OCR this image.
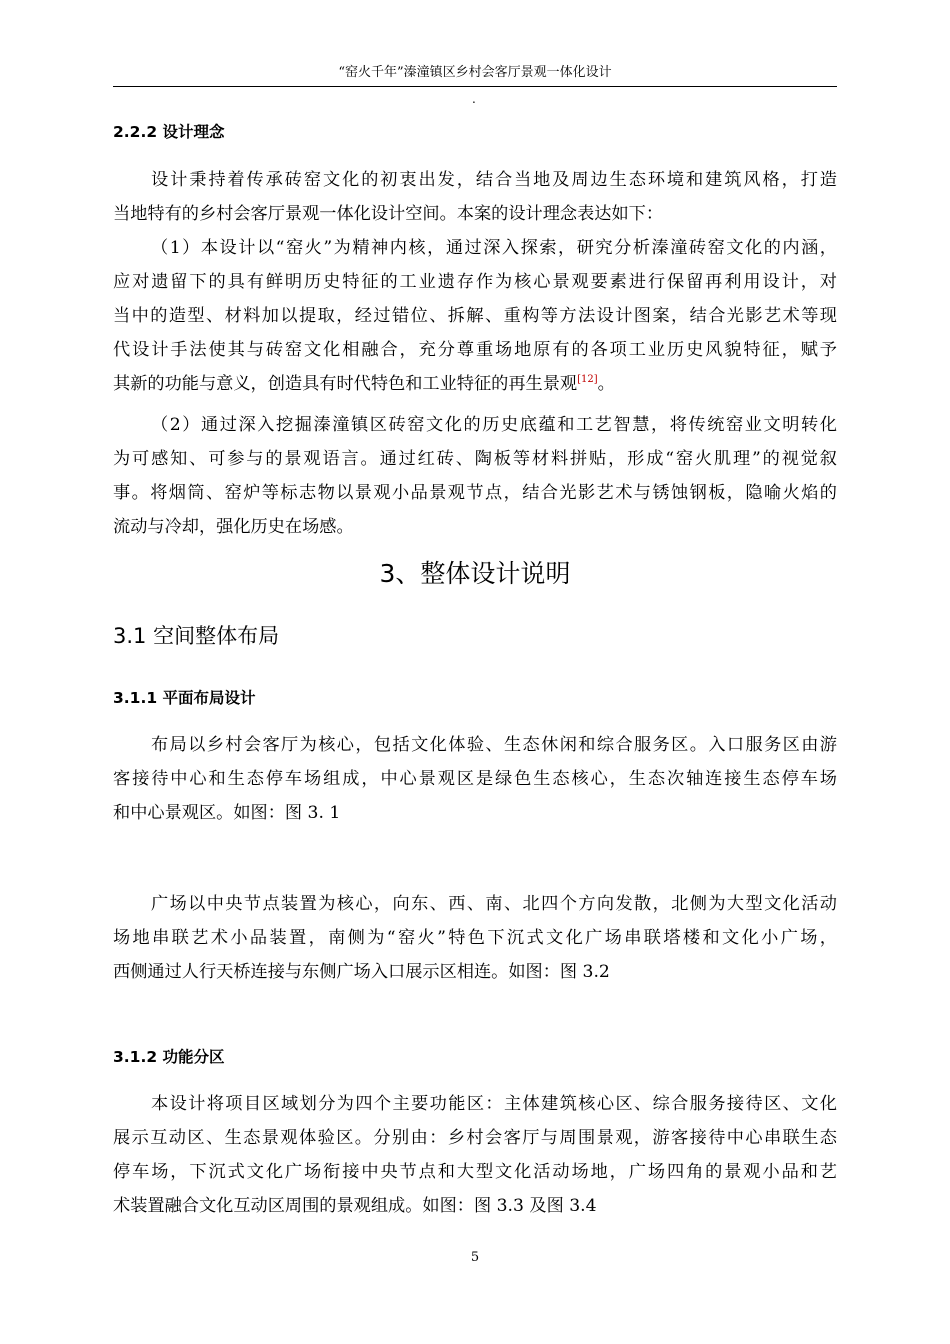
“窑火千年”溱潼镇区乡村会客厅景观一体化设计
.
2.2.2 设计理念
设计秉持着传承砖窑文化的初衷出发，结合当地及周边生态环境和建筑风格，打造
当地特有的乡村会客厅景观一体化设计空间。本案的设计理念表达如下：
（1）本设计以“窑火”为精神内核，通过深入探索，研究分析溱潼砖窑文化的内涵，
应对遗留下的具有鲜明历史特征的工业遗存作为核心景观要素进行保留再利用设计，对
当中的造型、材料加以提取，经过错位、拆解、重构等方法设计图案，结合光影艺术等现
代设计手法使其与砖窑文化相融合，充分尊重场地原有的各项工业历史风貌特征，赋予
其新的功能与意义，创造具有时代特色和工业特征的再生景观[12]。
（2）通过深入挖掘溱潼镇区砖窑文化的历史底蕴和工艺智慧，将传统窑业文明转化
为可感知、可参与的景观语言。通过红砖、陶板等材料拼贴，形成“窑火肌理”的视觉叙
事。将烟筒、窑炉等标志物以景观小品景观节点，结合光影艺术与锈蚀钢板，隐喻火焰的
流动与冷却，强化历史在场感。
3、整体设计说明
3.1 空间整体布局
3.1.1 平面布局设计
布局以乡村会客厅为核心，包括文化体验、生态休闲和综合服务区。入口服务区由游
客接待中心和生态停车场组成，中心景观区是绿色生态核心，生态次轴连接生态停车场
和中心景观区。如图：图 3. 1
广场以中央节点装置为核心，向东、西、南、北四个方向发散，北侧为大型文化活动
场地串联艺术小品装置，南侧为“窑火”特色下沉式文化广场串联塔楼和文化小广场，
西侧通过人行天桥连接与东侧广场入口展示区相连。如图：图 3.2
3.1.2 功能分区
本设计将项目区域划分为四个主要功能区：主体建筑核心区、综合服务接待区、文化
展示互动区、生态景观体验区。分别由：乡村会客厅与周围景观，游客接待中心串联生态
停车场，下沉式文化广场衔接中央节点和大型文化活动场地，广场四角的景观小品和艺
术装置融合文化互动区周围的景观组成。如图：图 3.3 及图 3.4
5
